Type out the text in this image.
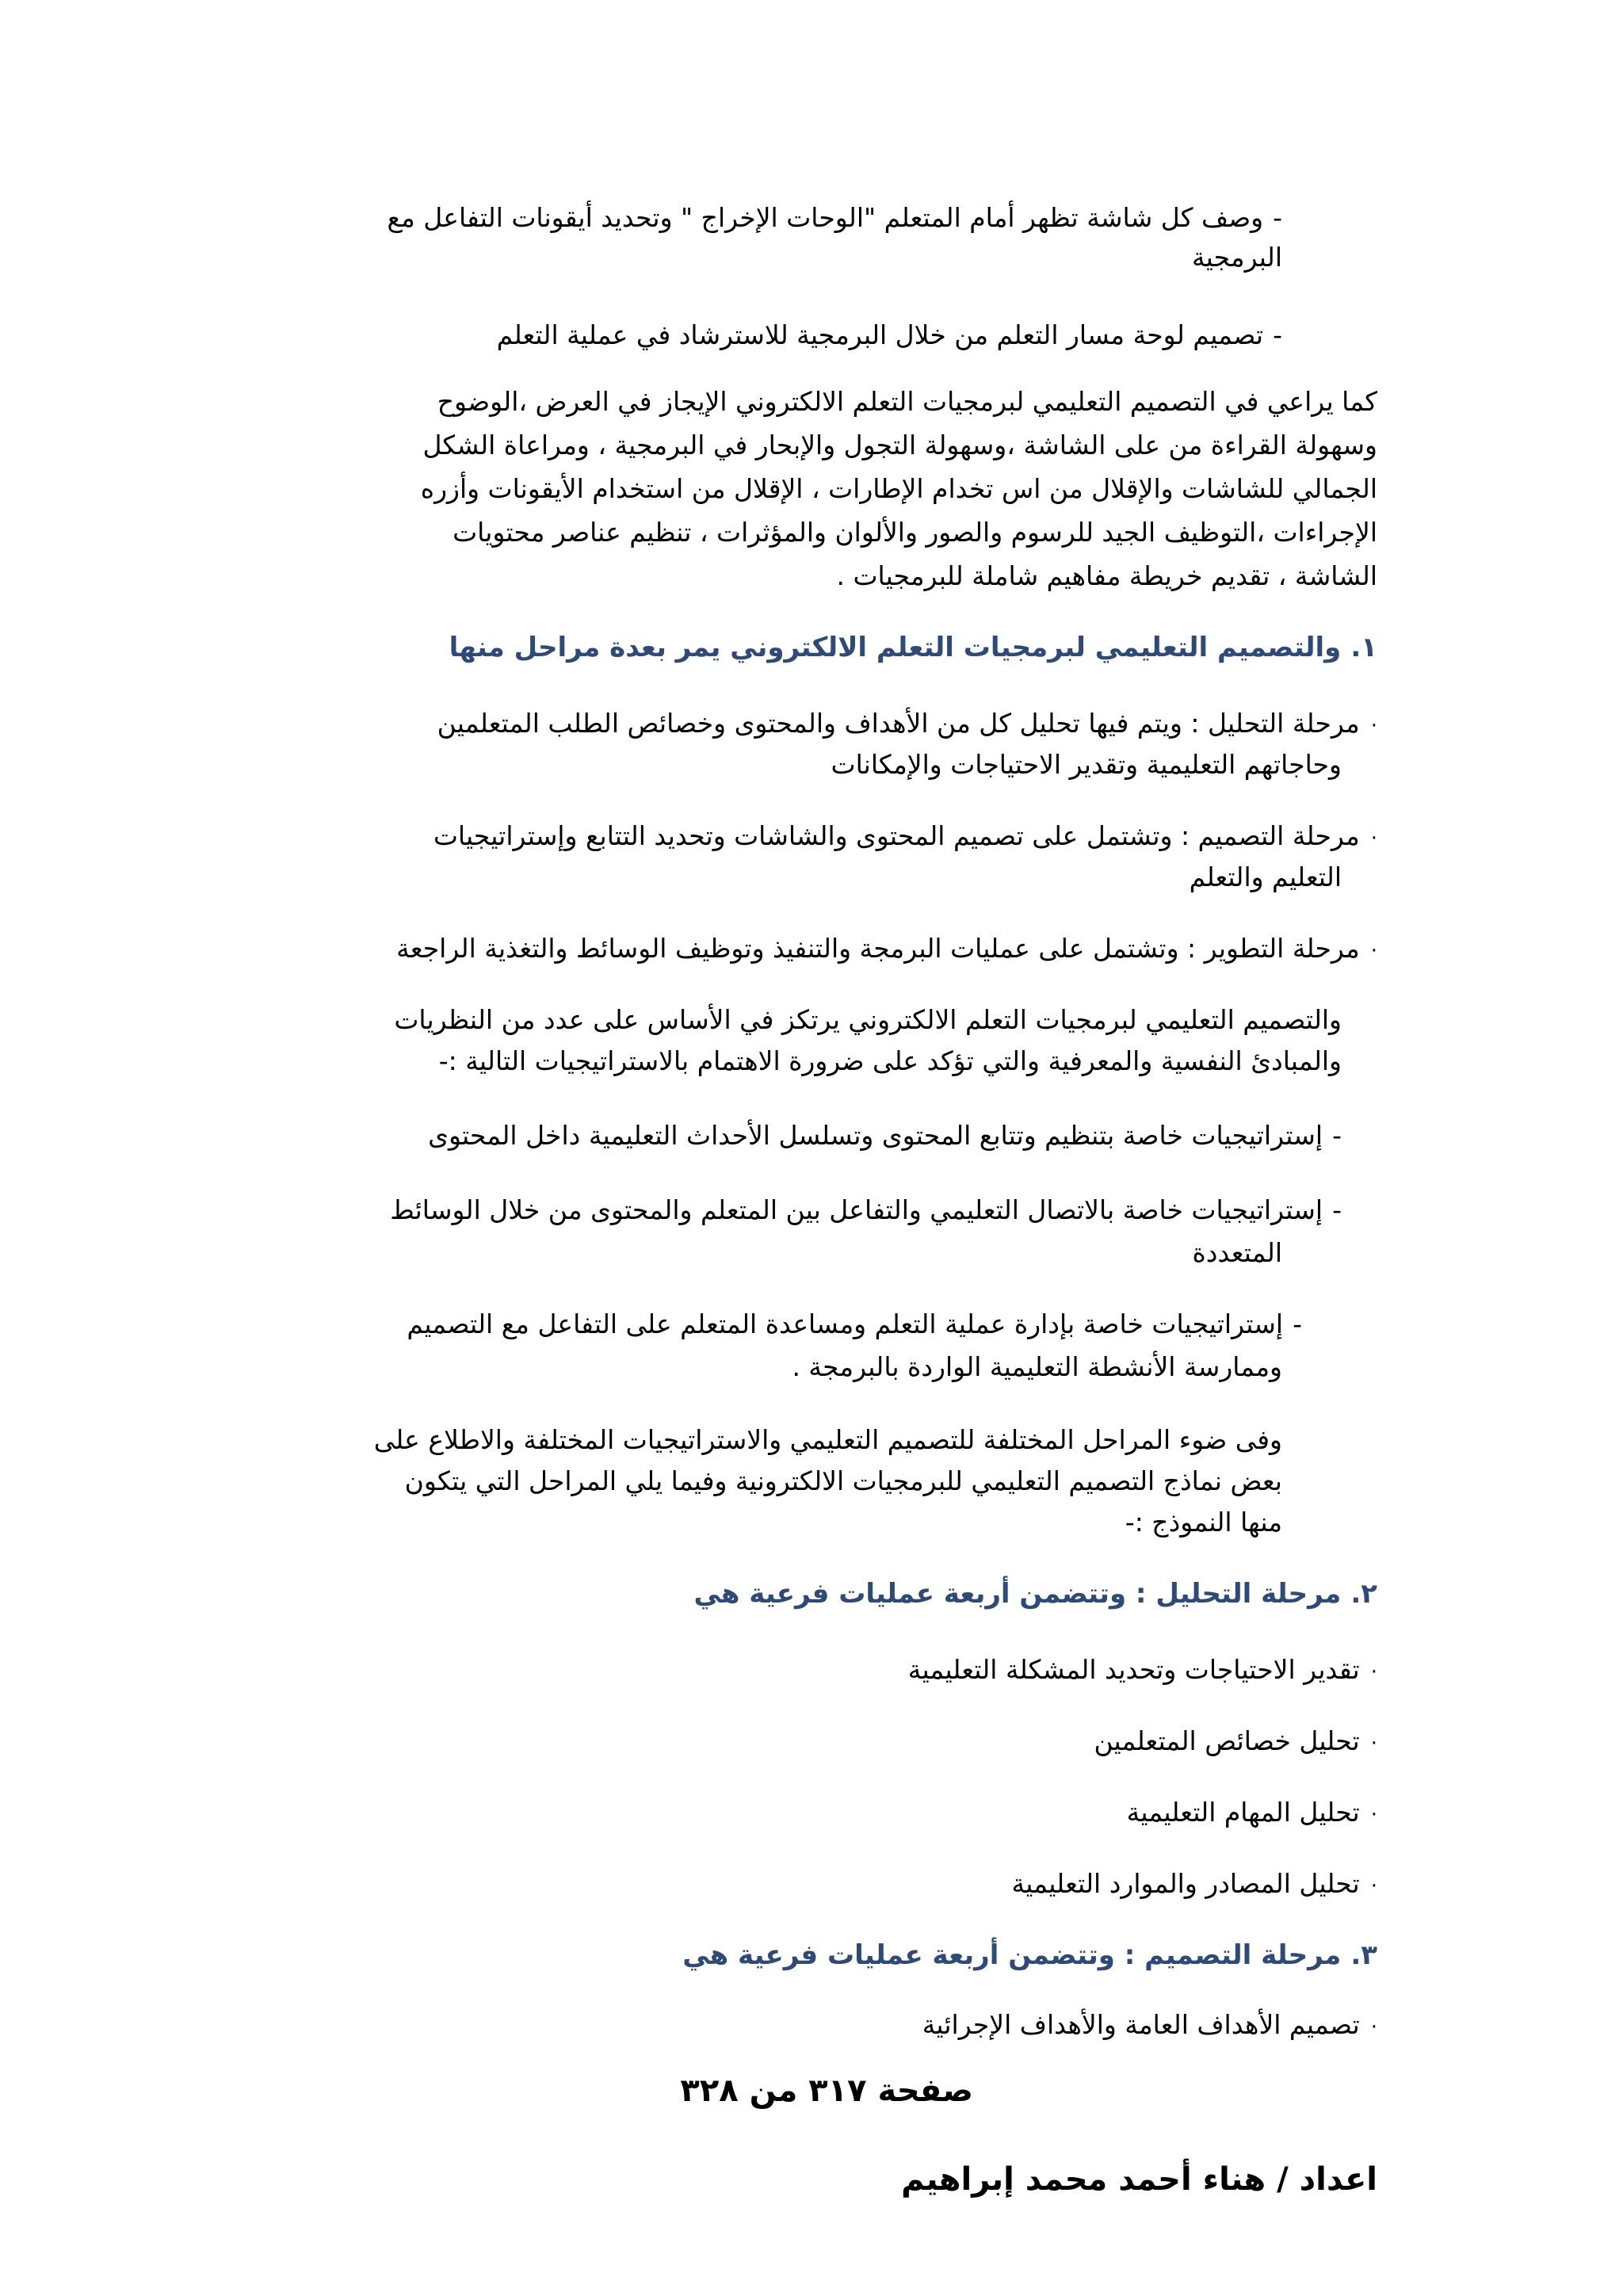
-وصف كل شاشة تظهر أمام المتعلم "الوحات الإخراج " وتحديد أيقونات التفاعل مع
البرمجية
-تصميم لوحة مسار التعلم من خلال البرمجية للاسترشاد في عملية التعلم
كما يراعي في التصميم التعليمي لبرمجيات التعلم الالكتروني الإيجاز في العرض ،الوضوح
وسهولة القراءة من على الشاشة ،وسهولة التجول والإبحار في البرمجية ، ومراعاة الشكل
الجمالي للشاشات والإقلال من اس تخدام الإطارات ، الإقلال من استخدام الأيقونات وأزره
الإجراءات ،التوظيف الجيد للرسوم والصور والألوان والمؤثرات ، تنظيم عناصر محتويات
الشاشة ، تقديم خريطة مفاهيم شاملة للبرمجيات .
١.والتصميم التعليمي لبرمجيات التعلم الالكتروني يمر بعدة مراحل منها
·مرحلة التحليل : ويتم فيها تحليل كل من الأهداف والمحتوى وخصائص الطلب المتعلمين
وحاجاتهم التعليمية وتقدير الاحتياجات والإمكانات
·مرحلة التصميم : وتشتمل على تصميم المحتوى والشاشات وتحديد التتابع وإستراتيجيات
التعليم والتعلم
·مرحلة التطوير : وتشتمل على عمليات البرمجة والتنفيذ وتوظيف الوسائط والتغذية الراجعة
والتصميم التعليمي لبرمجيات التعلم الالكتروني يرتكز في الأساس على عدد من النظريات
والمبادئ النفسية والمعرفية والتي تؤكد على ضرورة الاهتمام بالاستراتيجيات التالية :-
-إستراتيجيات خاصة بتنظيم وتتابع المحتوى وتسلسل الأحداث التعليمية داخل المحتوى
-إستراتيجيات خاصة بالاتصال التعليمي والتفاعل بين المتعلم والمحتوى من خلال الوسائط
المتعددة
-إستراتيجيات خاصة بإدارة عملية التعلم ومساعدة المتعلم على التفاعل مع التصميم
وممارسة الأنشطة التعليمية الواردة بالبرمجة .
وفى ضوء المراحل المختلفة للتصميم التعليمي والاستراتيجيات المختلفة والاطلاع على
بعض نماذج التصميم التعليمي للبرمجيات الالكترونية وفيما يلي المراحل التي يتكون
منها النموذج :-
٢.مرحلة التحليل : وتتضمن أربعة عمليات فرعية هي
·تقدير الاحتياجات وتحديد المشكلة التعليمية
·تحليل خصائص المتعلمين
·تحليل المهام التعليمية
·تحليل المصادر والموارد التعليمية
٣.مرحلة التصميم : وتتضمن أربعة عمليات فرعية هي
·تصميم الأهداف العامة والأهداف الإجرائية
صفحة ٣١٧ من ٣٢٨
اعداد / هناء أحمد محمد إبراهيم
